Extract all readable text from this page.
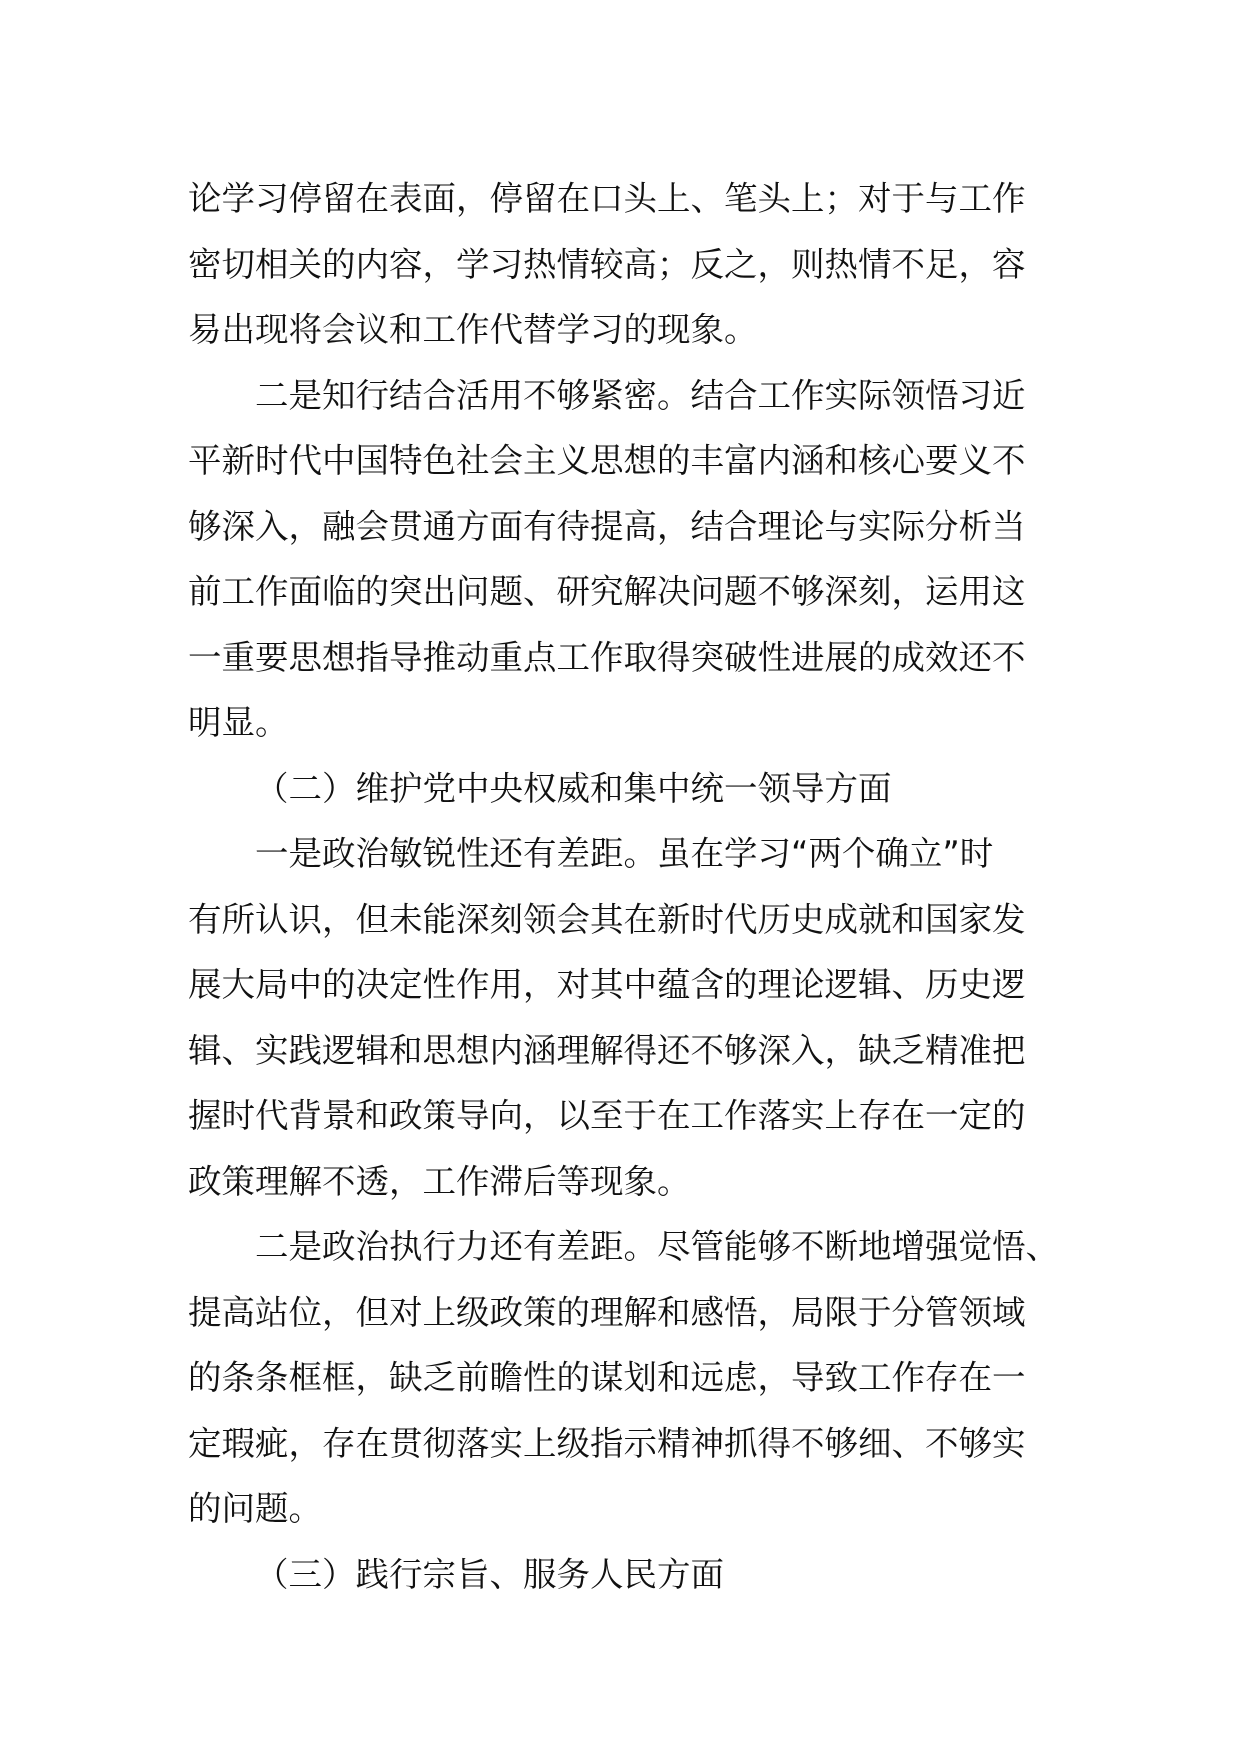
论学习停留在表面，停留在口头上、笔头上；对于与工作
密切相关的内容，学习热情较高；反之，则热情不足，容
易出现将会议和工作代替学习的现象。
二是知行结合活用不够紧密。结合工作实际领悟习近
平新时代中国特色社会主义思想的丰富内涵和核心要义不
够深入，融会贯通方面有待提高，结合理论与实际分析当
前工作面临的突出问题、研究解决问题不够深刻，运用这
一重要思想指导推动重点工作取得突破性进展的成效还不
明显。
（二）维护党中央权威和集中统一领导方面
一是政治敏锐性还有差距。虽在学习“两个确立”时
有所认识，但未能深刻领会其在新时代历史成就和国家发
展大局中的决定性作用，对其中蕴含的理论逻辑、历史逻
辑、实践逻辑和思想内涵理解得还不够深入，缺乏精准把
握时代背景和政策导向，以至于在工作落实上存在一定的
政策理解不透，工作滞后等现象。
二是政治执行力还有差距。尽管能够不断地增强觉悟、
提高站位，但对上级政策的理解和感悟，局限于分管领域
的条条框框，缺乏前瞻性的谋划和远虑，导致工作存在一
定瑕疵，存在贯彻落实上级指示精神抓得不够细、不够实
的问题。
（三）践行宗旨、服务人民方面
